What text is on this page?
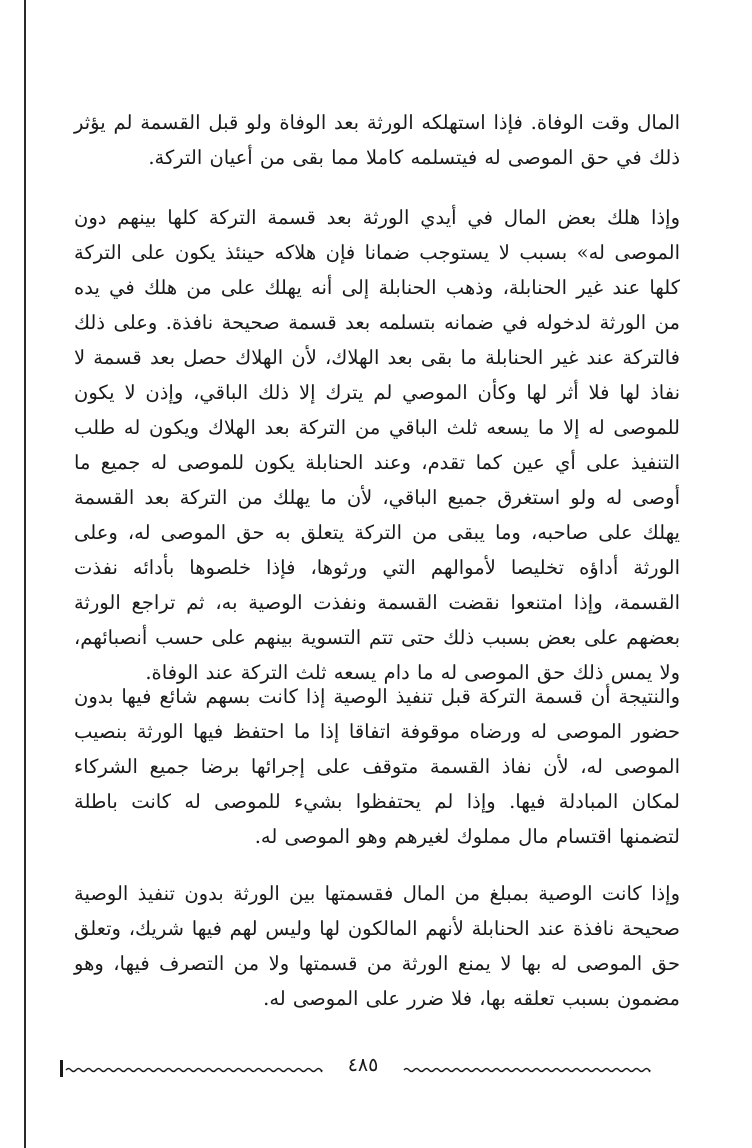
المال وقت الوفاة. فإذا استهلكه الورثة بعد الوفاة ولو قبل القسمة لم يؤثر ذلك في حق الموصى له فيتسلمه كاملا مما بقى من أعيان التركة.

وإذا هلك بعض المال في أيدي الورثة بعد قسمة التركة كلها بينهم دون الموصى له» بسبب لا يستوجب ضمانا فإن هلاكه حينئذ يكون على التركة كلها عند غير الحنابلة، وذهب الحنابلة إلى أنه يهلك على من هلك في يده من الورثة لدخوله في ضمانه بتسلمه بعد قسمة صحيحة نافذة. وعلى ذلك فالتركة عند غير الحنابلة ما بقى بعد الهلاك، لأن الهلاك حصل بعد قسمة لا نفاذ لها فلا أثر لها وكأن الموصي لم يترك إلا ذلك الباقي، وإذن لا يكون للموصى له إلا ما يسعه ثلث الباقي من التركة بعد الهلاك ويكون له طلب التنفيذ على أي عين كما تقدم، وعند الحنابلة يكون للموصى له جميع ما أوصى له ولو استغرق جميع الباقي، لأن ما يهلك من التركة بعد القسمة يهلك على صاحبه، وما يبقى من التركة يتعلق به حق الموصى له، وعلى الورثة أداؤه تخليصا لأموالهم التي ورثوها، فإذا خلصوها بأدائه نفذت القسمة، وإذا امتنعوا نقضت القسمة ونفذت الوصية به، ثم تراجع الورثة بعضهم على بعض بسبب ذلك حتى تتم التسوية بينهم على حسب أنصبائهم، ولا يمس ذلك حق الموصى له ما دام يسعه ثلث التركة عند الوفاة.

والنتيجة أن قسمة التركة قبل تنفيذ الوصية إذا كانت بسهم شائع فيها بدون حضور الموصى له ورضاه موقوفة اتفاقا إذا ما احتفظ فيها الورثة بنصيب الموصى له، لأن نفاذ القسمة متوقف على إجرائها برضا جميع الشركاء لمكان المبادلة فيها. وإذا لم يحتفظوا بشيء للموصى له كانت باطلة لتضمنها اقتسام مال مملوك لغيرهم وهو الموصى له.

وإذا كانت الوصية بمبلغ من المال فقسمتها بين الورثة بدون تنفيذ الوصية صحيحة نافذة عند الحنابلة لأنهم المالكون لها وليس لهم فيها شريك، وتعلق حق الموصى له بها لا يمنع الورثة من قسمتها ولا من التصرف فيها، وهو مضمون بسبب تعلقه بها، فلا ضرر على الموصى له.

٤٨٥
